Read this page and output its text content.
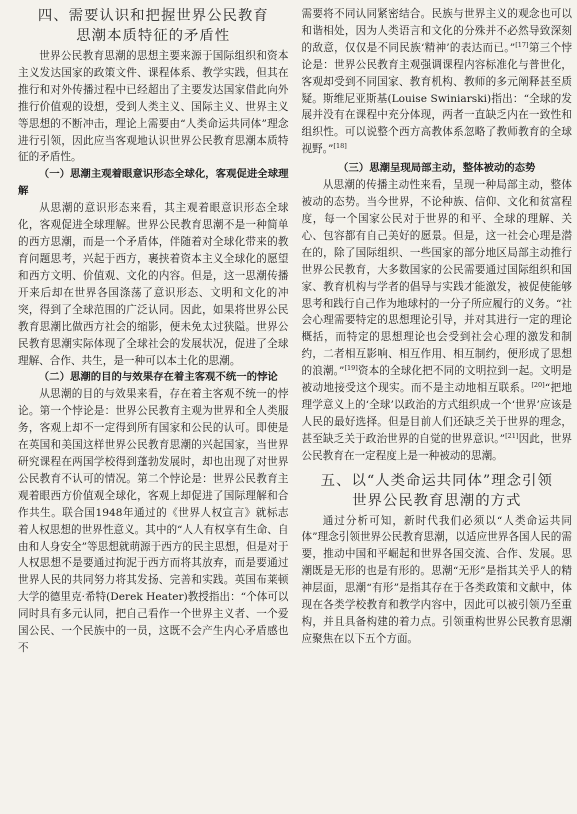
四、需要认识和把握世界公民教育
思潮本质特征的矛盾性

世界公民教育思潮的思想主要来源于国际组织和资本主义发达国家的政策文件、课程体系、教学实践，但其在推行和对外传播过程中已经超出了主要发达国家借此向外推行价值观的设想，受到人类主义、国际主义、世界主义等思想的不断冲击，理论上需要由“人类命运共同体”理念进行引领，因此应当客观地认识世界公民教育思潮本质特征的矛盾性。

（一）思潮主观着眼意识形态全球化，客观促进全球理解

从思潮的意识形态来看，其主观着眼意识形态全球化，客观促进全球理解。世界公民教育思潮不是一种简单的西方思潮，而是一个矛盾体，伴随着对全球化带来的教育问题思考，兴起于西方，裹挟着资本主义全球化的愿望和西方文明、价值观、文化的内容。但是，这一思潮传播开来后却在世界各国涤荡了意识形态、文明和文化的冲突，得到了全球范围的广泛认同。因此，如果将世界公民教育思潮比做西方社会的缩影，便未免太过狭隘。世界公民教育思潮实际体现了全球社会的发展状况，促进了全球理解、合作、共生，是一种可以本土化的思潮。

（二）思潮的目的与效果存在着主客观不统一的悖论

从思潮的目的与效果来看，存在着主客观不统一的悖论。第一个悖论是：世界公民教育主观为世界和全人类服务，客观上却不一定得到所有国家和公民的认可。即使是在英国和美国这样世界公民教育思潮的兴起国家，当世界研究课程在两国学校得到蓬勃发展时，却也出现了对世界公民教育不认可的情况。第二个悖论是：世界公民教育主观着眼西方价值观全球化，客观上却促进了国际理解和合作共生。联合国1948年通过的《世界人权宣言》就标志着人权思想的世界性意义。其中的“人人有权享有生命、自由和人身安全”等思想就萌源于西方的民主思想，但是对于人权思想不是要通过拘泥于西方而将其放弃，而是要通过世界人民的共同努力将其发扬、完善和实践。英国布莱顿大学的德里克·希特(Derek Heater)教授指出：“个体可以同时具有多元认同，把自己看作一个世界主义者、一个爱国公民、一个民族中的一员，这既不会产生内心矛盾感也不

需要将不同认同紧密结合。民族与世界主义的观念也可以和谐相处，因为人类语言和文化的分殊并不必然导致深刻的敌意，仅仅是不同民族‘精神’的表达而已。”[17]第三个悖论是：世界公民教育主观强调课程内容标准化与普世化，客观却受到不同国家、教育机构、教师的多元阐释甚至质疑。斯维尼亚斯基(Louise Swiniarski)指出：“全球的发展并没有在课程中充分体现，两者一直缺乏内在一致性和组织性。可以说整个西方高教体系忽略了教师教育的全球视野。”[18]

（三）思潮呈现局部主动，整体被动的态势

从思潮的传播主动性来看，呈现一种局部主动，整体被动的态势。当今世界，不论种族、信仰、文化和贫富程度，每一个国家公民对于世界的和平、全球的理解、关心、包容都有自己美好的愿景。但是，这一社会心理是潜在的，除了国际组织、一些国家的部分地区局部主动推行世界公民教育，大多数国家的公民需要通过国际组织和国家、教育机构与学者的倡导与实践才能激发，被促使能够思考和践行自己作为地球村的一分子所应履行的义务。“社会心理需要特定的思想理论引导，并对其进行一定的理论概括，而特定的思想理论也会受到社会心理的激发和制约，二者相互影响、相互作用、相互制约，便形成了思想的浪潮。”[19]资本的全球化把不同的文明拉到一起。文明是被动地接受这个现实。而不是主动地相互联系。[20]“把地理学意义上的‘全球’以政治的方式组织成一个‘世界’应该是人民的最好选择。但是目前人们还缺乏关于世界的理念，甚至缺乏关于政治世界的自觉的世界意识。”[21]因此，世界公民教育在一定程度上是一种被动的思潮。

五、以“人类命运共同体”理念引领
世界公民教育思潮的方式

通过分析可知，新时代我们必须以“人类命运共同体”理念引领世界公民教育思潮，以适应世界各国人民的需要，推动中国和平崛起和世界各国交流、合作、发展。思潮既是无形的也是有形的。思潮“无形”是指其关乎人的精神层面，思潮“有形”是指其存在于各类政策和文献中，体现在各类学校教育和教学内容中，因此可以被引领乃至重构，并且具备构建的着力点。引领重构世界公民教育思潮应聚焦在以下五个方面。
